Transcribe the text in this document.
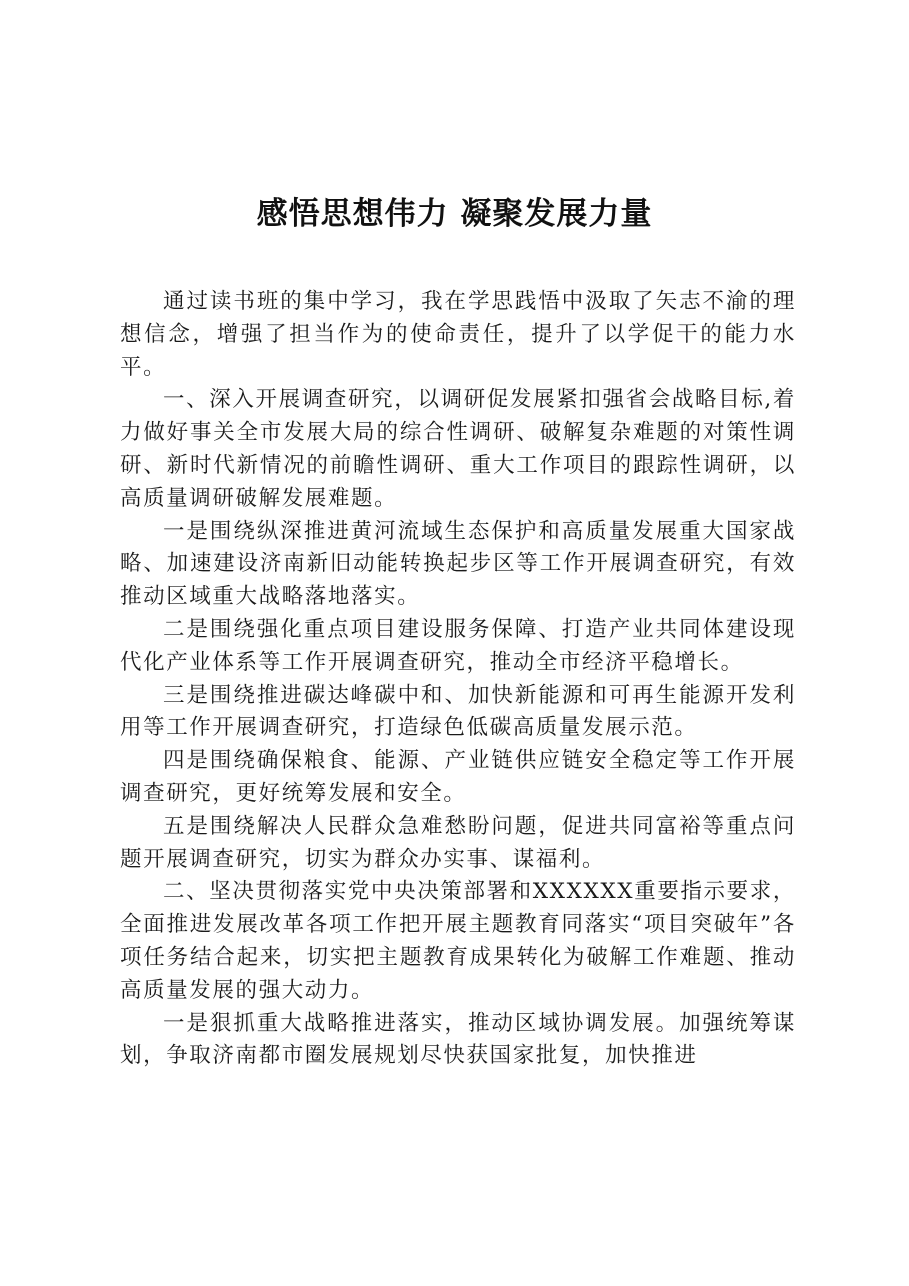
感悟思想伟力 凝聚发展力量

通过读书班的集中学习，我在学思践悟中汲取了矢志不渝的理想信念，增强了担当作为的使命责任，提升了以学促干的能力水平。

一、深入开展调查研究，以调研促发展紧扣强省会战略目标,着力做好事关全市发展大局的综合性调研、破解复杂难题的对策性调研、新时代新情况的前瞻性调研、重大工作项目的跟踪性调研，以高质量调研破解发展难题。

一是围绕纵深推进黄河流域生态保护和高质量发展重大国家战略、加速建设济南新旧动能转换起步区等工作开展调查研究，有效推动区域重大战略落地落实。

二是围绕强化重点项目建设服务保障、打造产业共同体建设现代化产业体系等工作开展调查研究，推动全市经济平稳增长。

三是围绕推进碳达峰碳中和、加快新能源和可再生能源开发利用等工作开展调查研究，打造绿色低碳高质量发展示范。

四是围绕确保粮食、能源、产业链供应链安全稳定等工作开展调查研究，更好统筹发展和安全。

五是围绕解决人民群众急难愁盼问题，促进共同富裕等重点问题开展调查研究，切实为群众办实事、谋福利。

二、坚决贯彻落实党中央决策部署和XXXXXX重要指示要求，全面推进发展改革各项工作把开展主题教育同落实“项目突破年”各项任务结合起来，切实把主题教育成果转化为破解工作难题、推动高质量发展的强大动力。

一是狠抓重大战略推进落实，推动区域协调发展。加强统筹谋划，争取济南都市圈发展规划尽快获国家批复，加快推进
